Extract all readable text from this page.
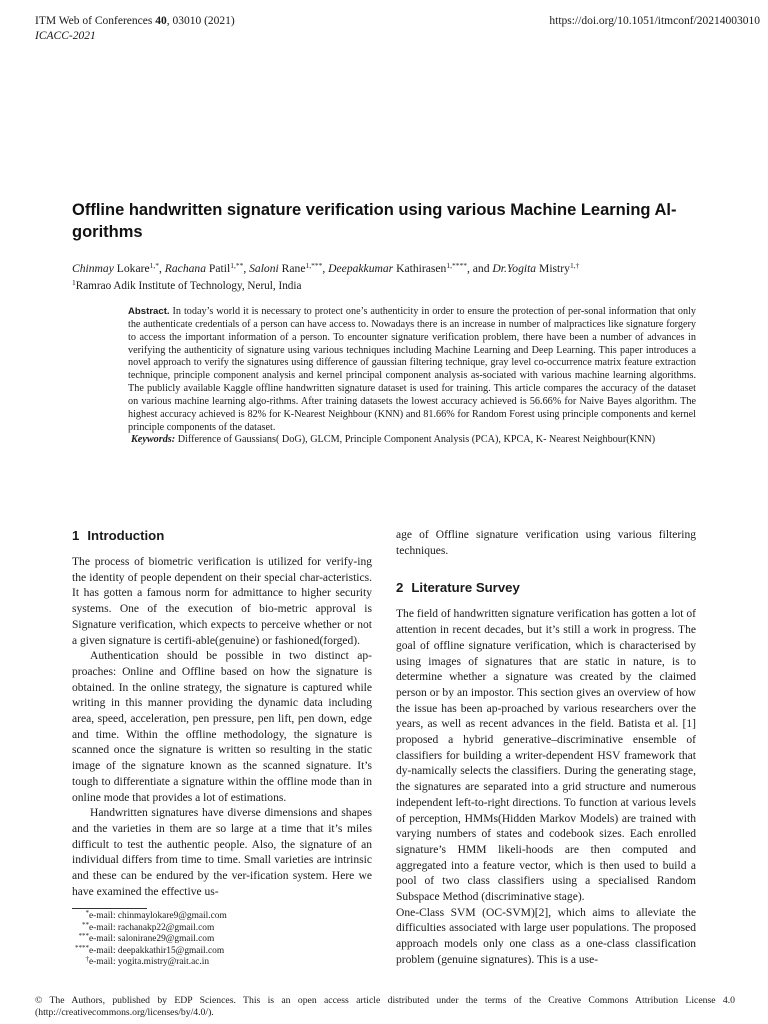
ITM Web of Conferences 40, 03010 (2021)
ICACC-2021
https://doi.org/10.1051/itmconf/20214003010
Offline handwritten signature verification using various Machine Learning Al-gorithms
Chinmay Lokare$^{1,*}$, Rachana Patil$^{1,**}$, Saloni Rane$^{1,***}$, Deepakkumar Kathirasen$^{1,****}$, and Dr.Yogita Mistry$^{1,\dagger}$
$^1$Ramrao Adik Institute of Technology, Nerul, India

Abstract. In today’s world it is necessary to protect one’s authenticity in order to ensure the protection of per-sonal information that only the authenticate credentials of a person can have access to. Nowadays there is an increase in number of malpractices like signature forgery to access the important information of a person. To encounter signature verification problem, there have been a number of advances in verifying the authenticity of signature using various techniques including Machine Learning and Deep Learning. This paper introduces a novel approach to verify the signatures using difference of gaussian filtering technique, gray level co-occurrence matrix feature extraction technique, principle component analysis and kernel principal component analysis as-sociated with various machine learning algorithms. The publicly available Kaggle offline handwritten signature dataset is used for training. This article compares the accuracy of the dataset on various machine learning algo-rithms. After training datasets the lowest accuracy achieved is 56.66% for Naive Bayes algorithm. The highest accuracy achieved is 82% for K-Nearest Neighbour (KNN) and 81.66% for Random Forest using principle components and kernel principle components of the dataset.

Keywords: Difference of Gaussians( DoG), GLCM, Principle Component Analysis (PCA), KPCA, K- Nearest Neighbour(KNN)

1 Introduction

The process of biometric verification is utilized for verify-ing the identity of people dependent on their special char-acteristics. It has gotten a famous norm for admittance to higher security systems. One of the execution of bio-metric approval is Signature verification, which expects to perceive whether or not a given signature is certifi-able(genuine) or fashioned(forged).

Authentication should be possible in two distinct ap-proaches: Online and Offline based on how the signature is obtained. In the online strategy, the signature is captured while writing in this manner providing the dynamic data including area, speed, acceleration, pen pressure, pen lift, pen down, edge and time. Within the offline methodology, the signature is scanned once the signature is written so resulting in the static image of the signature known as the scanned signature. It’s tough to differentiate a signature within the offline mode than in online mode that provides a lot of estimations.

Handwritten signatures have diverse dimensions and shapes and the varieties in them are so large at a time that it’s miles difficult to test the authentic people. Also, the signature of an individual differs from time to time. Small varieties are intrinsic and these can be endured by the ver-ification system. Here we have examined the effective us-

age of Offline signature verification using various filtering techniques.

2 Literature Survey

The field of handwritten signature verification has gotten a lot of attention in recent decades, but it’s still a work in progress. The goal of offline signature verification, which is characterised by using images of signatures that are static in nature, is to determine whether a signature was created by the claimed person or by an impostor. This section gives an overview of how the issue has been ap-proached by various researchers over the years, as well as recent advances in the field. Batista et al. [1] proposed a hybrid generative–discriminative ensemble of classifiers for building a writer-dependent HSV framework that dy-namically selects the classifiers. During the generating stage, the signatures are separated into a grid structure and numerous independent left-to-right directions. To function at various levels of perception, HMMs(Hidden Markov Models) are trained with varying numbers of states and codebook sizes. Each enrolled signature’s HMM likeli-hoods are then computed and aggregated into a feature vector, which is then used to build a pool of two class classifiers using a specialised Random Subspace Method (discriminative stage).

One-Class SVM (OC-SVM)[2], which aims to alleviate the difficulties associated with large user populations. The proposed approach models only one class as a one-class classification problem (genuine signatures). This is a use-

*e-mail: chinmaylokare9@gmail.com
**e-mail: rachanakp22@gmail.com
***e-mail: salonirane29@gmail.com
****e-mail: deepakkathir15@gmail.com
†e-mail: yogita.mistry@rait.ac.in
© The Authors, published by EDP Sciences. This is an open access article distributed under the terms of the Creative Commons Attribution License 4.0 (http://creativecommons.org/licenses/by/4.0/).
